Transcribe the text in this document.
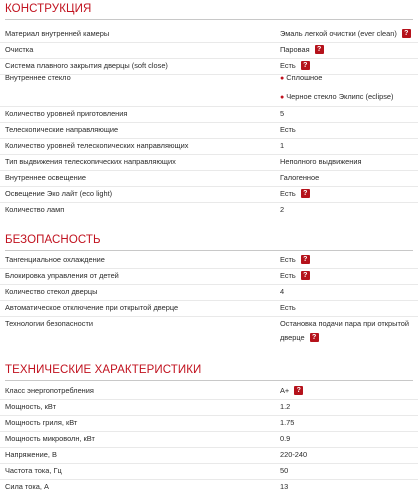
КОНСТРУКЦИЯ
Материал внутренней камеры	Эмаль легкой очистки (ever clean) ?
Очистка	Паровая ?
Система плавного закрытия дверцы (soft close)	Есть ?
Внутреннее стекло	● Сплошное
● Черное стекло Эклипс (eclipse)
Количество уровней приготовления	5
Телескопические направляющие	Есть
Количество уровней телескопических направляющих	1
Тип выдвижения телескопических направляющих	Неполного выдвижения
Внутреннее освещение	Галогенное
Освещение Эко лайт (eco light)	Есть ?
Количество ламп	2
БЕЗОПАСНОСТЬ
Тангенциальное охлаждение	Есть ?
Блокировка управления от детей	Есть ?
Количество стекол дверцы	4
Автоматическое отключение при открытой дверце	Есть
Технологии безопасности	Остановка подачи пара при открытой дверце ?
ТЕХНИЧЕСКИЕ ХАРАКТЕРИСТИКИ
Класс энергопотребления	A+ ?
Мощность, кВт	1.2
Мощность гриля, кВт	1.75
Мощность микроволн, кВт	0.9
Напряжение, В	220-240
Частота тока, Гц	50
Сила тока, А	13
